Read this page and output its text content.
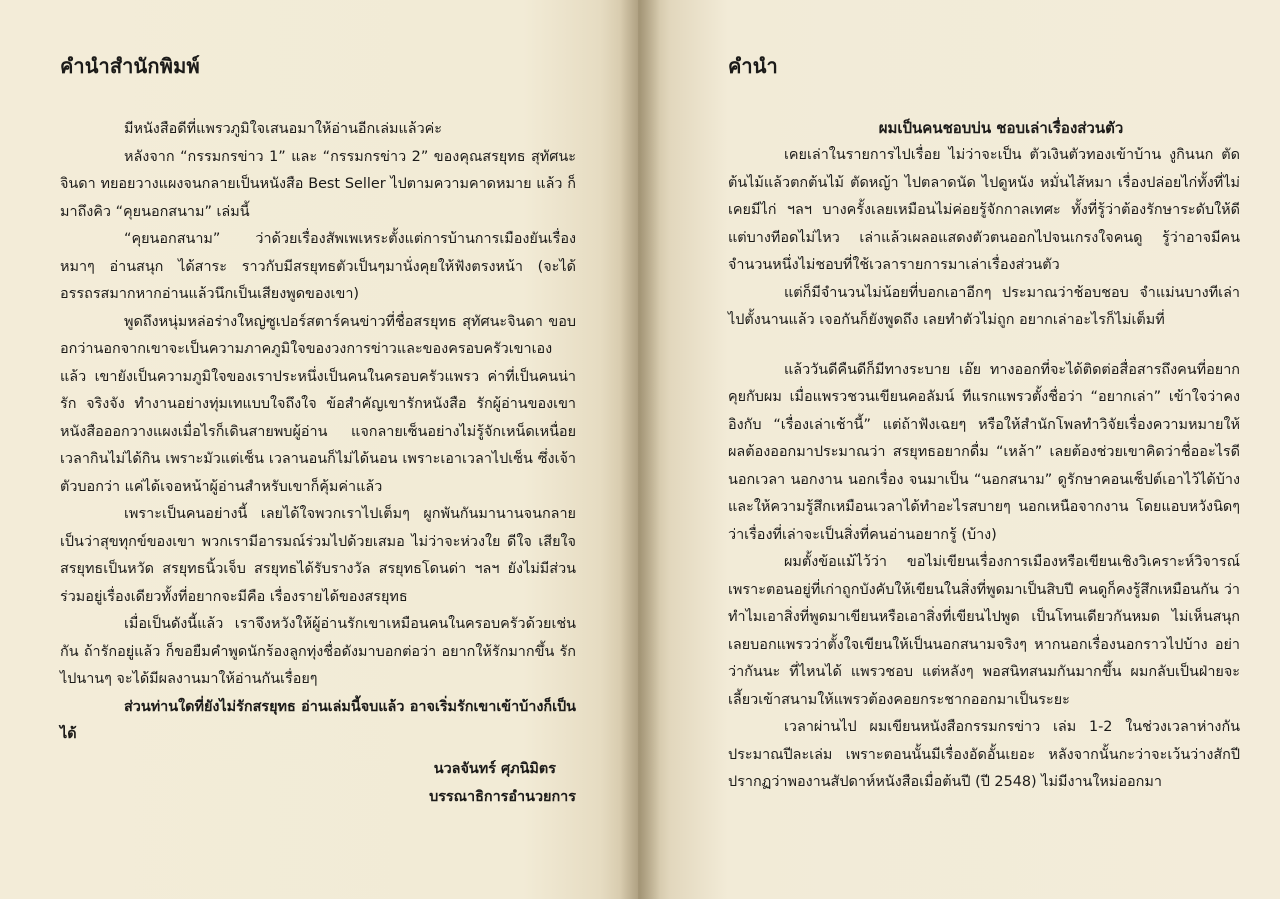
คำนำสำนักพิมพ์

มีหนังสือดีที่แพรวภูมิใจเสนอมาให้อ่านอีกเล่มแล้วค่ะ

หลังจาก “กรรมกรข่าว 1” และ “กรรมกรข่าว 2” ของคุณสรยุทธ สุทัศนะจินดา ทยอยวางแผงจนกลายเป็นหนังสือ Best Seller ไปตามความคาดหมาย แล้ว ก็มาถึงคิว “คุยนอกสนาม” เล่มนี้

“คุยนอกสนาม” ว่าด้วยเรื่องสัพเพเหระตั้งแต่การบ้านการเมืองยันเรื่องหมาๆ อ่านสนุก ได้สาระ ราวกับมีสรยุทธตัวเป็นๆมานั่งคุยให้ฟังตรงหน้า (จะได้อรรถรสมากหากอ่านแล้วนึกเป็นเสียงพูดของเขา)

พูดถึงหนุ่มหล่อร่างใหญ่ซูเปอร์สตาร์คนข่าวที่ชื่อสรยุทธ สุทัศนะจินดา ขอบอกว่านอกจากเขาจะเป็นความภาคภูมิใจของวงการข่าวและของครอบครัวเขาเองแล้ว เขายังเป็นความภูมิใจของเราประหนึ่งเป็นคนในครอบครัวแพรว ค่าที่เป็นคนน่ารัก จริงจัง ทำงานอย่างทุ่มเทแบบใจถึงใจ ข้อสำคัญเขารักหนังสือ รักผู้อ่านของเขา หนังสือออกวางแผงเมื่อไรก็เดินสายพบผู้อ่าน แจกลายเซ็นอย่างไม่รู้จักเหน็ดเหนื่อย เวลากินไม่ได้กิน เพราะมัวแต่เซ็น เวลานอนก็ไม่ได้นอน เพราะเอาเวลาไปเซ็น ซึ่งเจ้าตัวบอกว่า แค่ได้เจอหน้าผู้อ่านสำหรับเขาก็คุ้มค่าแล้ว

เพราะเป็นคนอย่างนี้ เลยได้ใจพวกเราไปเต็มๆ ผูกพันกันมานานจนกลายเป็นว่าสุขทุกข์ของเขา พวกเรามีอารมณ์ร่วมไปด้วยเสมอ ไม่ว่าจะห่วงใย ดีใจ เสียใจ สรยุทธเป็นหวัด สรยุทธนิ้วเจ็บ สรยุทธได้รับรางวัล สรยุทธโดนด่า ฯลฯ ยังไม่มีส่วนร่วมอยู่เรื่องเดียวทั้งที่อยากจะมีคือ เรื่องรายได้ของสรยุทธ

เมื่อเป็นดังนี้แล้ว เราจึงหวังให้ผู้อ่านรักเขาเหมือนคนในครอบครัวด้วยเช่นกัน ถ้ารักอยู่แล้ว ก็ขอยืมคำพูดนักร้องลูกทุ่งชื่อดังมาบอกต่อว่า อยากให้รักมากขึ้น รักไปนานๆ จะได้มีผลงานมาให้อ่านกันเรื่อยๆ

ส่วนท่านใดที่ยังไม่รักสรยุทธ อ่านเล่มนี้จบแล้ว อาจเริ่มรักเขาเข้าบ้างก็เป็นได้

นวลจันทร์ ศุภนิมิตร
บรรณาธิการอำนวยการ
คำนำ
ผมเป็นคนชอบบ่น ชอบเล่าเรื่องส่วนตัว

เคยเล่าในรายการไปเรื่อย ไม่ว่าจะเป็น ตัวเงินตัวทองเข้าบ้าน งูกินนก ตัดต้นไม้แล้วตกต้นไม้ ตัดหญ้า ไปตลาดนัด ไปดูหนัง หมั่นไส้หมา เรื่องปล่อยไก่ทั้งที่ไม่เคยมีไก่ ฯลฯ บางครั้งเลยเหมือนไม่ค่อยรู้จักกาลเทศะ ทั้งที่รู้ว่าต้องรักษาระดับให้ดี แต่บางทีอดไม่ไหว เล่าแล้วเผลอแสดงตัวตนออกไปจนเกรงใจคนดู รู้ว่าอาจมีคนจำนวนหนึ่งไม่ชอบที่ใช้เวลารายการมาเล่าเรื่องส่วนตัว

แต่ก็มีจำนวนไม่น้อยที่บอกเอาอีกๆ ประมาณว่าช้อบชอบ จำแม่นบางทีเล่าไปตั้งนานแล้ว เจอกันก็ยังพูดถึง เลยทำตัวไม่ถูก อยากเล่าอะไรก็ไม่เต็มที่

แล้ววันดีคืนดีก็มีทางระบาย เอ๊ย ทางออกที่จะได้ติดต่อสื่อสารถึงคนที่อยากคุยกับผม เมื่อแพรวชวนเขียนคอลัมน์ ทีแรกแพรวตั้งชื่อว่า “อยากเล่า” เข้าใจว่าคงอิงกับ “เรื่องเล่าเช้านี้” แต่ถ้าฟังเฉยๆ หรือให้สำนักโพลทำวิจัยเรื่องความหมายให้ ผลต้องออกมาประมาณว่า สรยุทธอยากดื่ม “เหล้า” เลยต้องช่วยเขาคิดว่าชื่ออะไรดี นอกเวลา นอกงาน นอกเรื่อง จนมาเป็น “นอกสนาม” ดูรักษาคอนเซ็ปต์เอาไว้ได้บ้าง และให้ความรู้สึกเหมือนเวลาได้ทำอะไรสบายๆ นอกเหนือจากงาน โดยแอบหวังนิดๆ ว่าเรื่องที่เล่าจะเป็นสิ่งที่คนอ่านอยากรู้ (บ้าง)

ผมตั้งข้อแม้ไว้ว่า ขอไม่เขียนเรื่องการเมืองหรือเขียนเชิงวิเคราะห์วิจารณ์ เพราะตอนอยู่ที่เก่าถูกบังคับให้เขียนในสิ่งที่พูดมาเป็นสิบปี คนดูก็คงรู้สึกเหมือนกัน ว่าทำไมเอาสิ่งที่พูดมาเขียนหรือเอาสิ่งที่เขียนไปพูด เป็นโทนเดียวกันหมด ไม่เห็นสนุก เลยบอกแพรวว่าตั้งใจเขียนให้เป็นนอกสนามจริงๆ หากนอกเรื่องนอกราวไปบ้าง อย่าว่ากันนะ ที่ไหนได้ แพรวชอบ แต่หลังๆ พอสนิทสนมกันมากขึ้น ผมกลับเป็นฝ่ายจะเลี้ยวเข้าสนามให้แพรวต้องคอยกระชากออกมาเป็นระยะ

เวลาผ่านไป ผมเขียนหนังสือกรรมกรข่าว เล่ม 1-2 ในช่วงเวลาห่างกันประมาณปีละเล่ม เพราะตอนนั้นมีเรื่องอัดอั้นเยอะ หลังจากนั้นกะว่าจะเว้นว่างสักปี ปรากฏว่าพองานสัปดาห์หนังสือเมื่อต้นปี (ปี 2548) ไม่มีงานใหม่ออกมา
